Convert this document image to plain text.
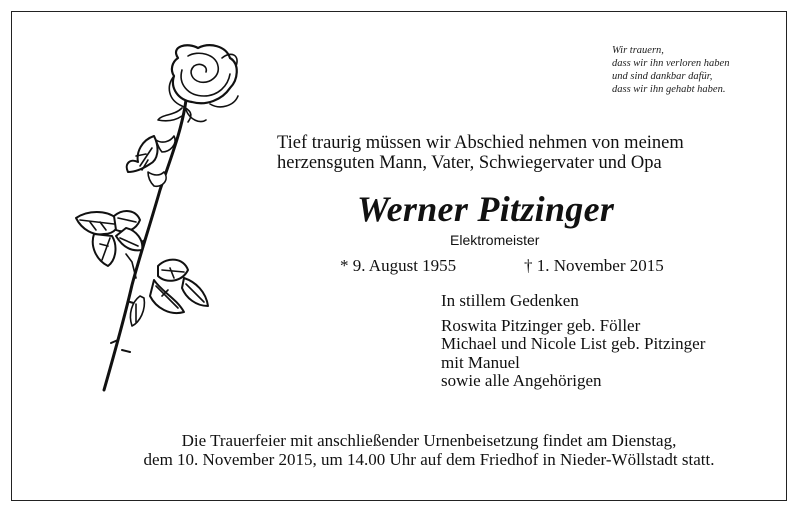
Wir trauern,
dass wir ihn verloren haben
und sind dankbar dafür,
dass wir ihn gehabt haben.
Tief traurig müssen wir Abschied nehmen von meinem
herzensguten Mann, Vater, Schwiegervater und Opa
Werner Pitzinger
Elektromeister
* 9. August 1955	† 1. November 2015
In stillem Gedenken
Roswita Pitzinger geb. Föller
Michael und Nicole List geb. Pitzinger
mit Manuel
sowie alle Angehörigen
Die Trauerfeier mit anschließender Urnenbeisetzung findet am Dienstag,
dem 10. November 2015, um 14.00 Uhr auf dem Friedhof in Nieder-Wöllstadt statt.
